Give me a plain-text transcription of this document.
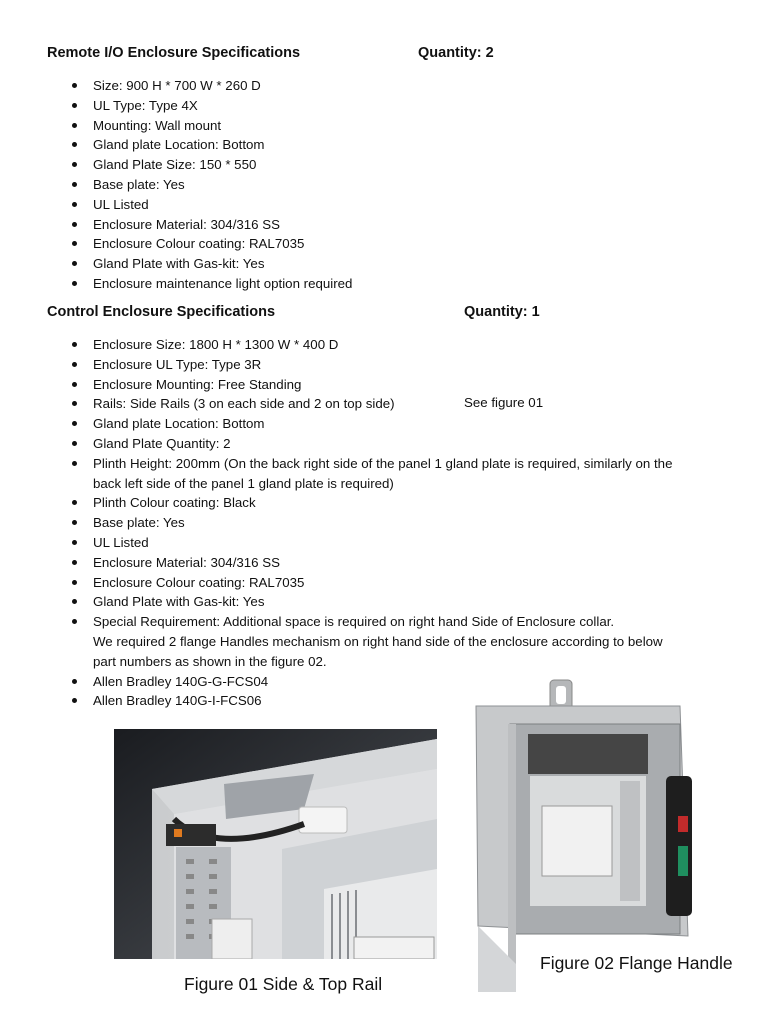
Remote I/O Enclosure Specifications	Quantity: 2
Size: 900 H * 700 W * 260 D
UL Type: Type 4X
Mounting: Wall mount
Gland plate Location: Bottom
Gland Plate Size: 150 * 550
Base plate: Yes
UL Listed
Enclosure Material: 304/316 SS
Enclosure Colour coating: RAL7035
Gland Plate with Gas-kit: Yes
Enclosure maintenance light option required
Control Enclosure Specifications	Quantity: 1
Enclosure Size: 1800 H * 1300 W * 400 D
Enclosure UL Type: Type 3R
Enclosure Mounting: Free Standing
Rails: Side Rails (3 on each side and 2 on top side)
Gland plate Location: Bottom
Gland Plate Quantity: 2
Plinth Height: 200mm (On the back right side of the panel 1 gland plate is required, similarly on the
back left side of the panel 1 gland plate is required)
Plinth Colour coating: Black
Base plate: Yes
UL Listed
Enclosure Material: 304/316 SS
Enclosure Colour coating: RAL7035
Gland Plate with Gas-kit: Yes
Special Requirement: Additional space is required on right hand Side of Enclosure collar.
We required 2 flange Handles mechanism on right hand side of the enclosure according to below
part numbers as shown in the figure 02.
Allen Bradley 140G-G-FCS04
Allen Bradley 140G-I-FCS06
See figure 01
Figure 01 Side & Top Rail
Figure 02 Flange Handle
